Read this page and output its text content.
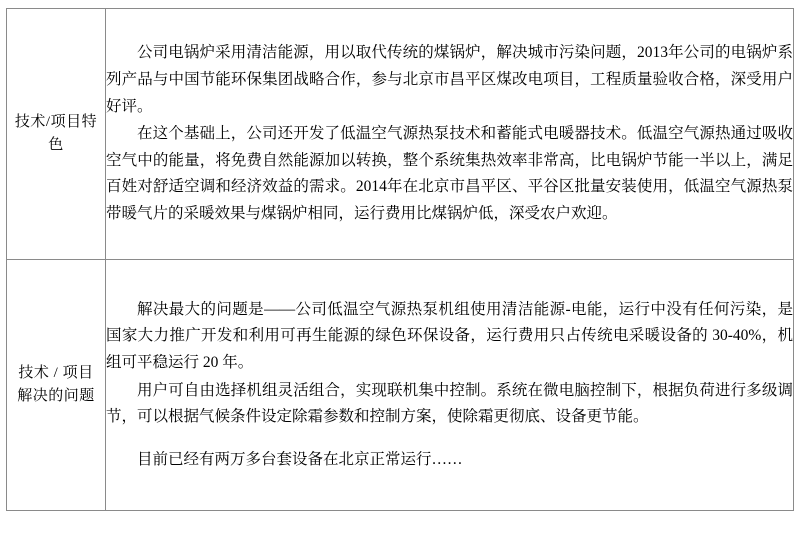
技术/项目特色	公司电锅炉采用清洁能源，用以取代传统的煤锅炉，解决城市污染问题，2013年公司的电锅炉系列产品与中国节能环保集团战略合作，参与北京市昌平区煤改电项目，工程质量验收合格，深受用户好评。

在这个基础上，公司还开发了低温空气源热泵技术和蓄能式电暖器技术。低温空气源热通过吸收空气中的能量，将免费自然能源加以转换，整个系统集热效率非常高，比电锅炉节能一半以上，满足百姓对舒适空调和经济效益的需求。2014年在北京市昌平区、平谷区批量安装使用，低温空气源热泵带暖气片的采暖效果与煤锅炉相同，运行费用比煤锅炉低，深受农户欢迎。

技术 / 项目解决的问题	解决最大的问题是——公司低温空气源热泵机组使用清洁能源-电能，运行中没有任何污染，是国家大力推广开发和利用可再生能源的绿色环保设备，运行费用只占传统电采暖设备的 30-40%，机组可平稳运行 20 年。

用户可自由选择机组灵活组合，实现联机集中控制。系统在微电脑控制下，根据负荷进行多级调节，可以根据气候条件设定除霜参数和控制方案，使除霜更彻底、设备更节能。

目前已经有两万多台套设备在北京正常运行……
